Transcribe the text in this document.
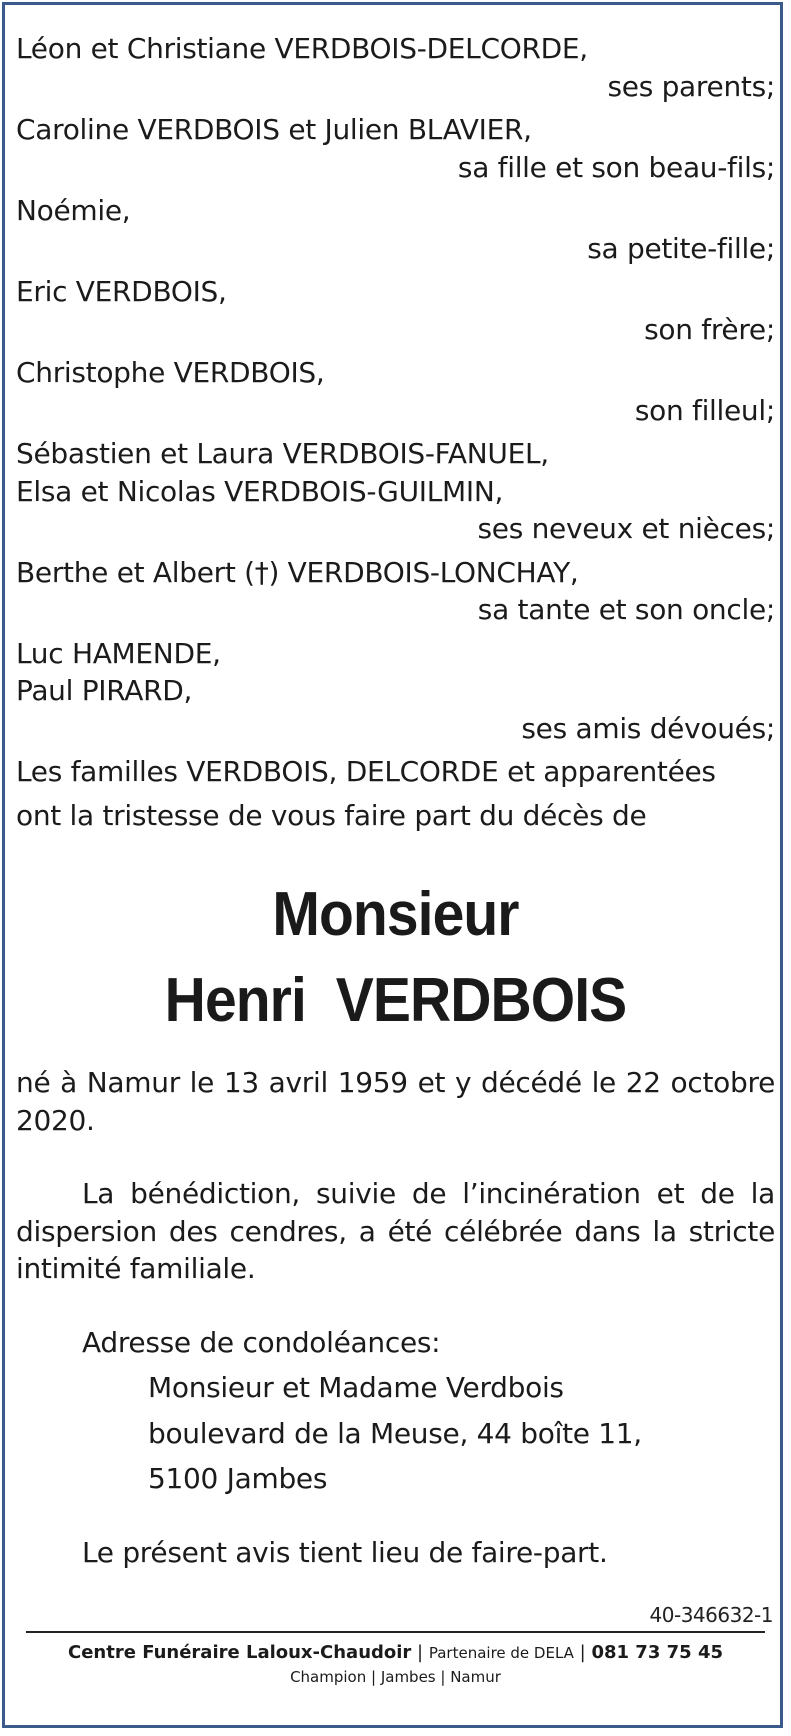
Léon et Christiane VERDBOIS-DELCORDE,
ses parents;
Caroline VERDBOIS et Julien BLAVIER,
sa fille et son beau-fils;
Noémie,
sa petite-fille;
Eric VERDBOIS,
son frère;
Christophe VERDBOIS,
son filleul;
Sébastien et Laura VERDBOIS-FANUEL,
Elsa et Nicolas VERDBOIS-GUILMIN,
ses neveux et nièces;
Berthe et Albert (†) VERDBOIS-LONCHAY,
sa tante et son oncle;
Luc HAMENDE,
Paul PIRARD,
ses amis dévoués;
Les familles VERDBOIS, DELCORDE et apparentées
ont la tristesse de vous faire part du décès de
Monsieur
Henri  VERDBOIS
né à Namur le 13 avril 1959 et y décédé le 22 octobre 2020.
La bénédiction, suivie de l’incinération et de la dispersion des cendres, a été célébrée dans la stricte intimité familiale.
Adresse de condoléances:
Monsieur et Madame Verdbois
boulevard de la Meuse, 44 boîte 11,
5100 Jambes
Le présent avis tient lieu de faire-part.
40-346632-1
Centre Funéraire Laloux-Chaudoir | Partenaire de DELA | 081 73 75 45
Champion | Jambes | Namur
